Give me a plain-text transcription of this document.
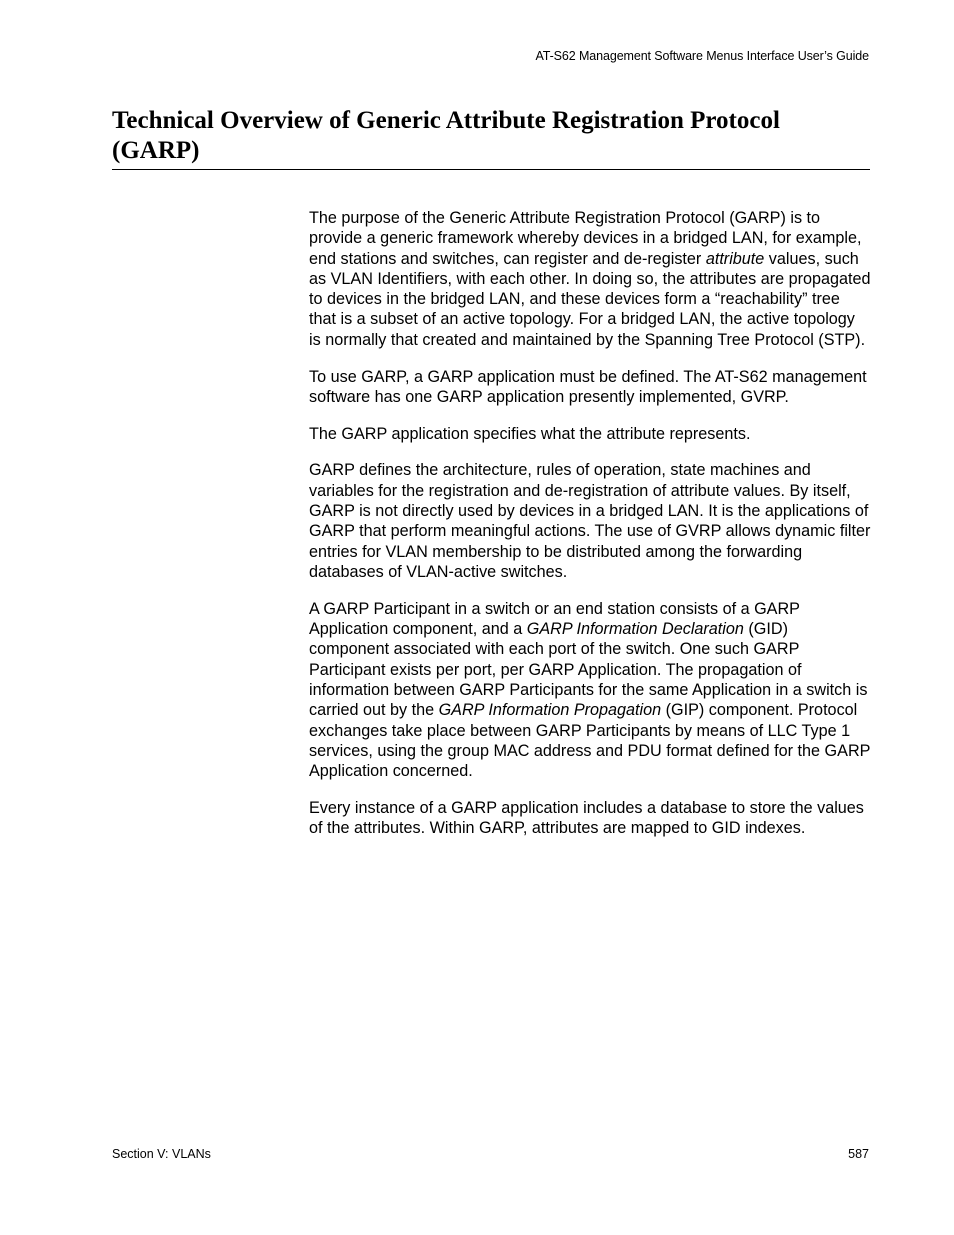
AT-S62 Management Software Menus Interface User’s Guide
Technical Overview of Generic Attribute Registration Protocol (GARP)

The purpose of the Generic Attribute Registration Protocol (GARP) is to provide a generic framework whereby devices in a bridged LAN, for example, end stations and switches, can register and de-register attribute values, such as VLAN Identifiers, with each other. In doing so, the attributes are propagated to devices in the bridged LAN, and these devices form a “reachability” tree that is a subset of an active topology. For a bridged LAN, the active topology is normally that created and maintained by the Spanning Tree Protocol (STP).

To use GARP, a GARP application must be defined. The AT-S62 management software has one GARP application presently implemented, GVRP.

The GARP application specifies what the attribute represents.

GARP defines the architecture, rules of operation, state machines and variables for the registration and de-registration of attribute values. By itself, GARP is not directly used by devices in a bridged LAN. It is the applications of GARP that perform meaningful actions. The use of GVRP allows dynamic filter entries for VLAN membership to be distributed among the forwarding databases of VLAN-active switches.

A GARP Participant in a switch or an end station consists of a GARP Application component, and a GARP Information Declaration (GID) component associated with each port of the switch. One such GARP Participant exists per port, per GARP Application. The propagation of information between GARP Participants for the same Application in a switch is carried out by the GARP Information Propagation (GIP) component. Protocol exchanges take place between GARP Participants by means of LLC Type 1 services, using the group MAC address and PDU format defined for the GARP Application concerned.

Every instance of a GARP application includes a database to store the values of the attributes. Within GARP, attributes are mapped to GID indexes.

Section V: VLANs	587
